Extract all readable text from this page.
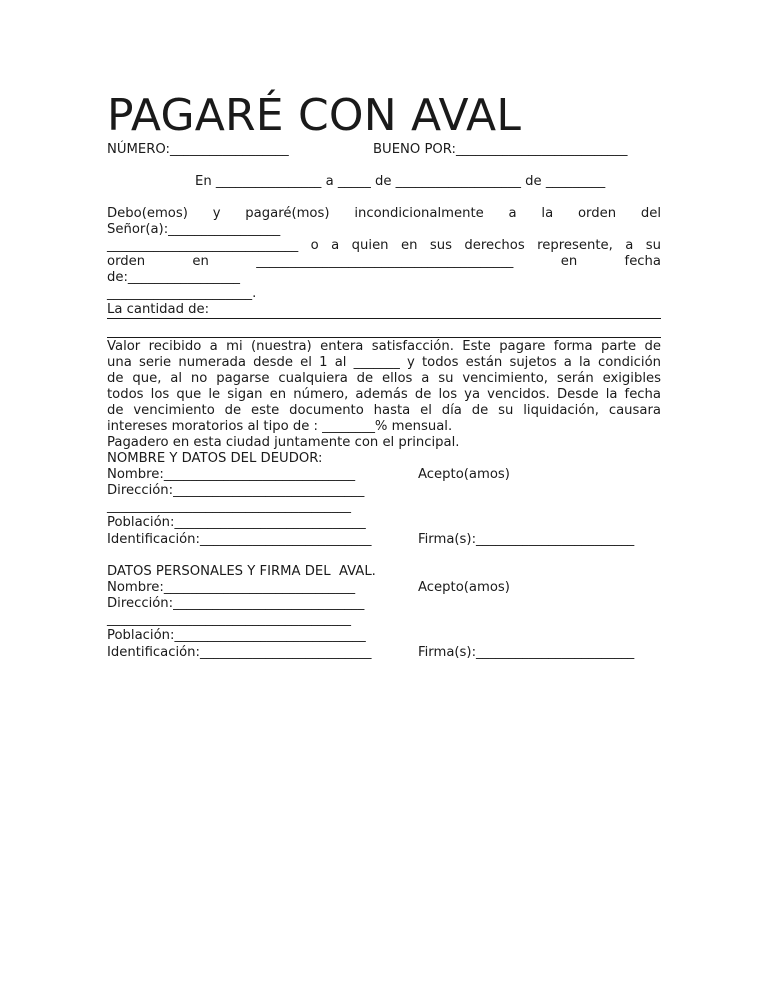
PAGARÉ CON AVAL
NÚMERO:__________________	BUENO POR:__________________________
En ________________ a _____ de ___________________ de _________
Debo(emos) y pagaré(mos) incondicionalmente a la orden del
Señor(a):_________________
_____________________________ o a quien en sus derechos represente, a su
orden en _______________________________________ en fecha
de:_________________
______________________.
La cantidad de:
Valor recibido a mi (nuestra) entera satisfacción. Este pagare forma parte de
una serie numerada desde el 1 al _______ y todos están sujetos a la condición
de que, al no pagarse cualquiera de ellos a su vencimiento, serán exigibles
todos los que le sigan en número, además de los ya vencidos. Desde la fecha
de vencimiento de este documento hasta el día de su liquidación, causara
intereses moratorios al tipo de : ________% mensual.
Pagadero en esta ciudad juntamente con el principal.
NOMBRE Y DATOS DEL DEUDOR:
Nombre:_____________________________	Acepto(amos)
Dirección:_____________________________
_____________________________________
Población:_____________________________
Identificación:__________________________	Firma(s):________________________
DATOS PERSONALES Y FIRMA DEL  AVAL.
Nombre:_____________________________	Acepto(amos)
Dirección:_____________________________
_____________________________________
Población:_____________________________
Identificación:__________________________	Firma(s):________________________
